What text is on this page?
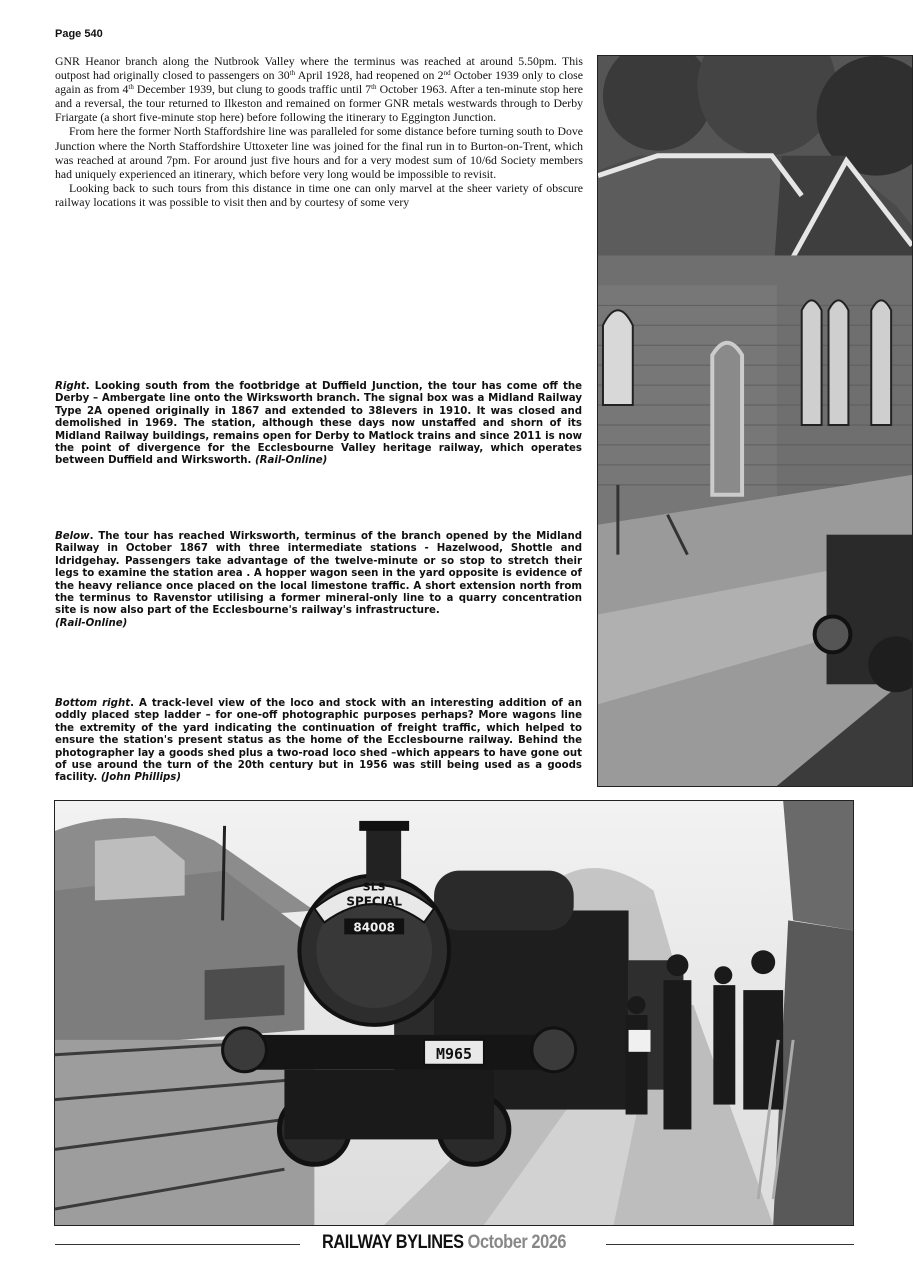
Page 540

GNR Heanor branch along the Nutbrook Valley where the terminus was reached at around 5.50pm. This outpost had originally closed to passengers on 30th April 1928, had reopened on 2nd October 1939 only to close again as from 4th December 1939, but clung to goods traffic until 7th October 1963. After a ten-minute stop here and a reversal, the tour returned to Ilkeston and remained on former GNR metals westwards through to Derby Friargate (a short five-minute stop here) before following the itinerary to Eggington Junction.

From here the former North Staffordshire line was paralleled for some distance before turning south to Dove Junction where the North Staffordshire Uttoxeter line was joined for the final run in to Burton-on-Trent, which was reached at around 7pm. For around just five hours and for a very modest sum of 10/6d Society members had uniquely experienced an itinerary, which before very long would be impossible to revisit.

Looking back to such tours from this distance in time one can only marvel at the sheer variety of obscure railway locations it was possible to visit then and by courtesy of some very

Right. Looking south from the footbridge at Duffield Junction, the tour has come off the Derby – Ambergate line onto the Wirksworth branch. The signal box was a Midland Railway Type 2A opened originally in 1867 and extended to 38levers in 1910. It was closed and demolished in 1969. The station, although these days now unstaffed and shorn of its Midland Railway buildings, remains open for Derby to Matlock trains and since 2011 is now the point of divergence for the Ecclesbourne Valley heritage railway, which operates between Duffield and Wirksworth. (Rail-Online)
Below. The tour has reached Wirksworth, terminus of the branch opened by the Midland Railway in October 1867 with three intermediate stations - Hazelwood, Shottle and Idridgehay. Passengers take advantage of the twelve-minute or so stop to stretch their legs to examine the station area . A hopper wagon seen in the yard opposite is evidence of the heavy reliance once placed on the local limestone traffic. A short extension north from the terminus to Ravenstor utilising a former mineral-only line to a quarry concentration site is now also part of the Ecclesbourne's railway's infrastructure.
(Rail-Online)
Bottom right. A track-level view of the loco and stock with an interesting addition of an oddly placed step ladder – for one-off photographic purposes perhaps? More wagons line the extremity of the yard indicating the continuation of freight traffic, which helped to ensure the station's present status as the home of the Ecclesbourne railway. Behind the photographer lay a goods shed plus a two-road loco shed –which appears to have gone out of use around the turn of the 20th century but in 1956 was still being used as a goods facility. (John Phillips)
SLS
SPECIAL
84008
M965
RAILWAY BYLINES October 2026
